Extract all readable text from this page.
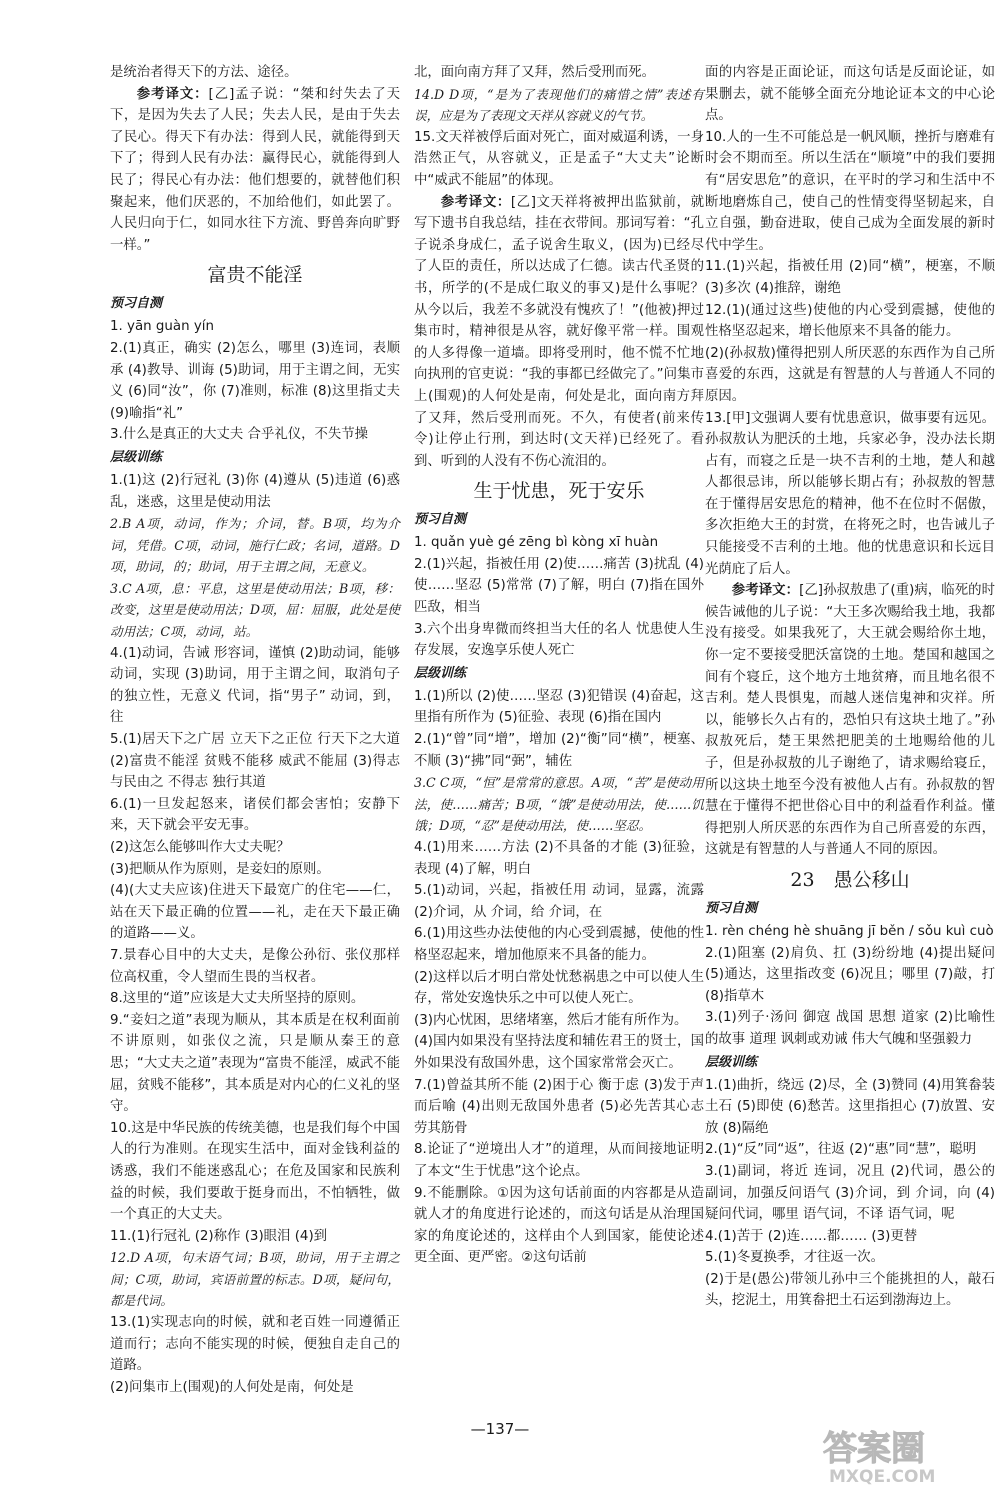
是统治者得天下的方法、途径。

参考译文：[乙]孟子说：“桀和纣失去了天下，是因为失去了人民；失去人民，是由于失去了民心。得天下有办法：得到人民，就能得到天下了；得到人民有办法：赢得民心，就能得到人民了；得民心有办法：他们想要的，就替他们积聚起来，他们厌恶的，不加给他们，如此罢了。人民归向于仁，如同水往下方流、野兽奔向旷野一样。”

富贵不能淫
预习自测

1. yān guàn yín

2.(1)真正，确实 (2)怎么，哪里 (3)连词，表顺承 (4)教导、训诲 (5)助词，用于主谓之间，无实义 (6)同“汝”，你 (7)准则，标准 (8)这里指丈夫 (9)喻指“礼”

3.什么是真正的大丈夫 合乎礼仪，不失节操

层级训练

1.(1)这 (2)行冠礼 (3)你 (4)遵从 (5)违道 (6)惑乱，迷惑，这里是使动用法

2.B A项，动词，作为；介词，替。B项，均为介词，凭借。C项，动词，施行仁政；名词，道路。D项，助词，的；助词，用于主谓之间，无意义。

3.C A项，息：平息，这里是使动用法；B项，移：改变，这里是使动用法；D项，屈：屈服，此处是使动用法；C项，动词，站。

4.(1)动词，告诫 形容词，谨慎 (2)助动词，能够 动词，实现 (3)助词，用于主谓之间，取消句子的独立性，无意义 代词，指“男子” 动词，到，往

5.(1)居天下之广居 立天下之正位 行天下之大道 (2)富贵不能淫 贫贱不能移 威武不能屈 (3)得志 与民由之 不得志 独行其道

6.(1)一旦发起怒来，诸侯们都会害怕；安静下来，天下就会平安无事。
(2)这怎么能够叫作大丈夫呢？
(3)把顺从作为原则，是妾妇的原则。
(4)(大丈夫应该)住进天下最宽广的住宅——仁，站在天下最正确的位置——礼，走在天下最正确的道路——义。

7.景春心目中的大丈夫，是像公孙衍、张仪那样位高权重，令人望而生畏的当权者。

8.这里的“道”应该是大丈夫所坚持的原则。

9.“妾妇之道”表现为顺从，其本质是在权利面前不讲原则，如张仪之流，只是顺从秦王的意思；“大丈夫之道”表现为“富贵不能淫，威武不能屈，贫贱不能移”，其本质是对内心的仁义礼的坚守。

10.这是中华民族的传统美德，也是我们每个中国人的行为准则。在现实生活中，面对金钱利益的诱惑，我们不能迷惑乱心；在危及国家和民族利益的时候，我们要敢于挺身而出，不怕牺牲，做一个真正的大丈夫。

11.(1)行冠礼 (2)称作 (3)眼泪 (4)到

12.D A项，句末语气词；B项，助词，用于主谓之间；C项，助词，宾语前置的标志。D项，疑问句，都是代词。

13.(1)实现志向的时候，就和老百姓一同遵循正道而行；志向不能实现的时候，便独自走自己的道路。
(2)问集市上(围观)的人何处是南，何处是

北，面向南方拜了又拜，然后受刑而死。

14.D D项，“是为了表现他们的痛惜之情”表述有误，应是为了表现文天祥从容就义的气节。

15.文天祥被俘后面对死亡，面对威逼利诱，一身浩然正气，从容就义，正是孟子“大丈夫”论断中“威武不能屈”的体现。

参考译文：[乙]文天祥将被押出监狱前，就写下遗书自我总结，挂在衣带间。那词写着：“孔子说杀身成仁，孟子说舍生取义，(因为)已经尽了人臣的责任，所以达成了仁德。读古代圣贤的书，所学的(不是成仁取义的事又)是什么事呢？从今以后，我差不多就没有愧疚了！”(他被)押过集市时，精神很是从容，就好像平常一样。围观的人多得像一道墙。即将受刑时，他不慌不忙地向执刑的官吏说：“我的事都已经做完了。”问集市上(围观)的人何处是南，何处是北，面向南方拜了又拜，然后受刑而死。不久，有使者(前来传令)让停止行刑，到达时(文天祥)已经死了。看到、听到的人没有不伤心流泪的。

生于忧患，死于安乐
预习自测

1. quǎn yuè gé zēng bì kòng xī huàn

2.(1)兴起，指被任用 (2)使……痛苦 (3)扰乱 (4)使……坚忍 (5)常常 (7)了解，明白 (7)指在国外 匹敌，相当

3.六个出身卑微而终担当大任的名人 忧患使人生存发展，安逸享乐使人死亡

层级训练

1.(1)所以 (2)使……坚忍 (3)犯错误 (4)奋起，这里指有所作为 (5)征验、表现 (6)指在国内

2.(1)“曾”同“增”，增加 (2)“衡”同“横”，梗塞、不顺 (3)“拂”同“弼”，辅佐

3.C C项，“恒”是常常的意思。A项，“苦”是使动用法，使……痛苦；B项，“饿”是使动用法，使……饥饿；D项，“忍”是使动用法，使……坚忍。

4.(1)用来……方法 (2)不具备的才能 (3)征验，表现 (4)了解，明白

5.(1)动词，兴起，指被任用 动词，显露，流露 (2)介词，从 介词，给 介词，在

6.(1)用这些办法使他的内心受到震撼，使他的性格坚忍起来，增加他原来不具备的能力。
(2)这样以后才明白常处忧愁祸患之中可以使人生存，常处安逸快乐之中可以使人死亡。
(3)内心忧困，思绪堵塞，然后才能有所作为。
(4)国内如果没有坚持法度和辅佐君王的贤士，国外如果没有敌国外患，这个国家常常会灭亡。

7.(1)曾益其所不能 (2)困于心 衡于虑 (3)发于声 而后喻 (4)出则无敌国外患者 (5)必先苦其心志 劳其筋骨

8.论证了“逆境出人才”的道理，从而间接地证明了本文“生于忧患”这个论点。

9.不能删除。①因为这句话前面的内容都是从造就人才的角度进行论述的，而这句话是从治理国家的角度论述的，这样由个人到国家，能使论述更全面、更严密。②这句话前

面的内容是正面论证，而这句话是反面论证，如果删去，就不能够全面充分地论证本文的中心论点。

10.人的一生不可能总是一帆风顺，挫折与磨难有时会不期而至。所以生活在“顺境”中的我们要拥有“居安思危”的意识，在平时的学习和生活中不断地磨炼自己，使自己的性情变得坚韧起来，自立自强，勤奋进取，使自己成为全面发展的新时代中学生。

11.(1)兴起，指被任用 (2)同“横”，梗塞，不顺 (3)多次 (4)推辞，谢绝

12.(1)(通过这些)使他的内心受到震撼，使他的性格坚忍起来，增长他原来不具备的能力。
(2)(孙叔敖)懂得把别人所厌恶的东西作为自己所喜爱的东西，这就是有智慧的人与普通人不同的原因。

13.[甲]文强调人要有忧患意识，做事要有远见。孙叔敖认为肥沃的土地，兵家必争，没办法长期占有，而寝之丘是一块不吉利的土地，楚人和越人都很忌讳，所以能够长期占有；孙叔敖的智慧在于懂得居安思危的精神，他不在位时不倨傲，多次拒绝大王的封赏，在将死之时，也告诫儿子只能接受不吉利的土地。他的忧患意识和长远目光荫庇了后人。

参考译文：[乙]孙叔敖患了(重)病，临死的时候告诫他的儿子说：“大王多次赐给我土地，我都没有接受。如果我死了，大王就会赐给你土地，你一定不要接受肥沃富饶的土地。楚国和越国之间有个寝丘，这个地方土地贫瘠，而且地名很不吉利。楚人畏惧鬼，而越人迷信鬼神和灾祥。所以，能够长久占有的，恐怕只有这块土地了。”孙叔敖死后，楚王果然把肥美的土地赐给他的儿子，但是孙叔敖的儿子谢绝了，请求赐给寝丘，所以这块土地至今没有被他人占有。孙叔敖的智慧在于懂得不把世俗心目中的利益看作利益。懂得把别人所厌恶的东西作为自己所喜爱的东西，这就是有智慧的人与普通人不同的原因。

23　愚公移山
预习自测

1. rèn chéng hè shuāng jī běn / sǒu kuì cuò

2.(1)阻塞 (2)肩负、扛 (3)纷纷地 (4)提出疑问 (5)通达，这里指改变 (6)况且；哪里 (7)敲，打 (8)指草木

3.(1)列子·汤问 御寇 战国 思想 道家 (2)比喻性的故事 道理 讽刺或劝诫 伟大气魄和坚强毅力

层级训练

1.(1)曲折，绕远 (2)尽，全 (3)赞同 (4)用箕畚装土石 (5)即使 (6)愁苦。这里指担心 (7)放置、安放 (8)隔绝

2.(1)“反”同“返”，往返 (2)“惠”同“慧”，聪明

3.(1)副词，将近 连词，况且 (2)代词，愚公的 副词，加强反问语气 (3)介词，到 介词，向 (4)疑问代词，哪里 语气词，不译 语气词，呢

4.(1)苦于 (2)连……都…… (3)更替

5.(1)冬夏换季，才往返一次。
(2)于是(愚公)带领儿孙中三个能挑担的人，敲石头，挖泥土，用箕畚把土石运到渤海边上。

—137—	答案圈
MXQE.COM
